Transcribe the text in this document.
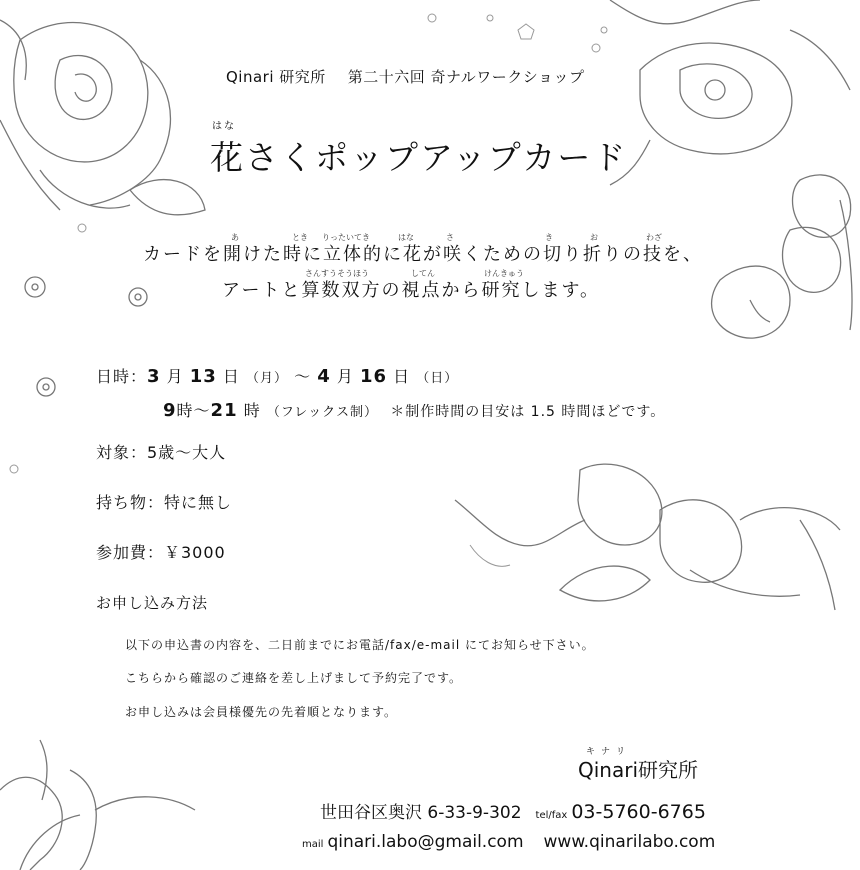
Qinari 研究所 第二十六回 奇ナルワークショップ
はな
花さくポップアップカード
あ	とき りったいてき	はな	さ	き	お	わざ
カードを開けた時に立体的に花が咲くための切り折りの技を、
さんすうそうほう	してん	けんきゅう
アートと算数双方の視点から研究します。
日時：3 月 13 日 （月） ～ 4 月 16 日 （日）
9時～21 時 （フレックス制） ＊制作時間の目安は 1.5 時間ほどです。
対象：5歳～大人
持ち物：特に無し
参加費：￥3000
お申し込み方法
以下の申込書の内容を、二日前までにお電話/fax/e-mail にてお知らせ下さい。
こちらから確認のご連絡を差し上げまして予約完了です。
お申し込みは会員様優先の先着順となります。
キナリ
Qinari研究所
世田谷区奥沢 6-33-9-302 tel/fax 03-5760-6765
mail qinari.labo@gmail.com www.qinarilabo.com
